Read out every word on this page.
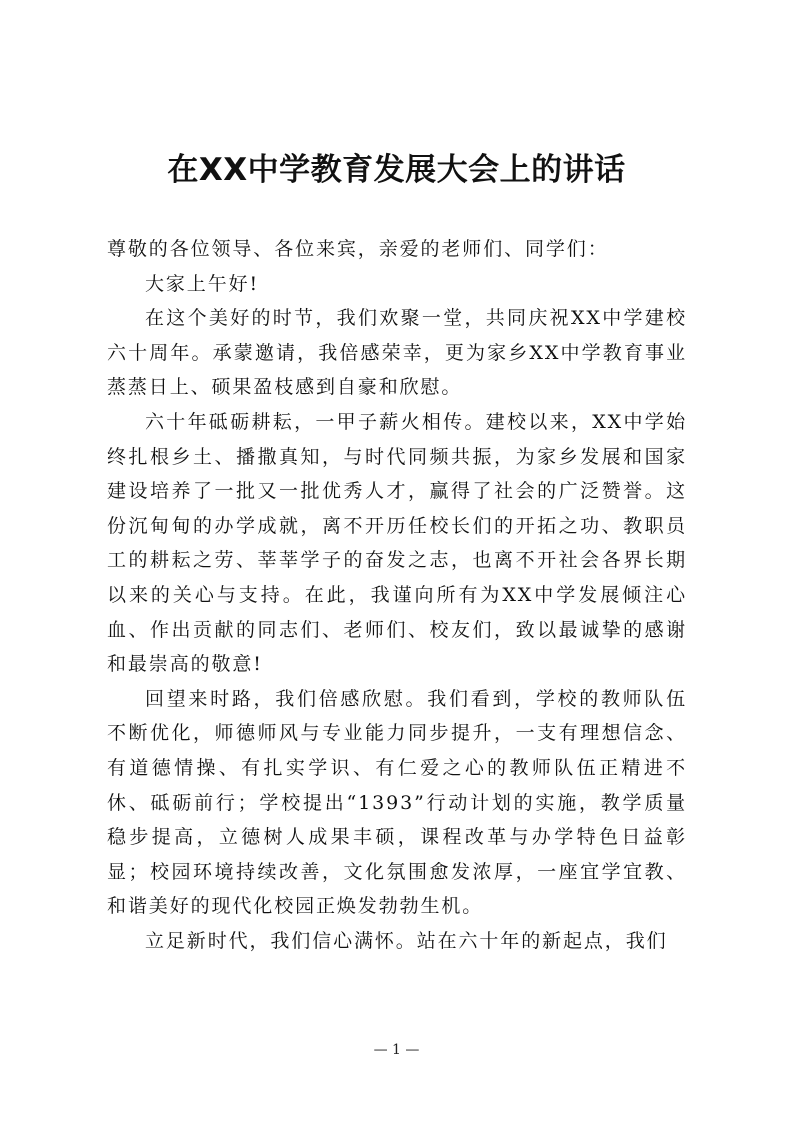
在XX中学教育发展大会上的讲话

尊敬的各位领导、各位来宾，亲爱的老师们、同学们：

大家上午好!

在这个美好的时节，我们欢聚一堂，共同庆祝XX中学建校六十周年。承蒙邀请，我倍感荣幸，更为家乡XX中学教育事业蒸蒸日上、硕果盈枝感到自豪和欣慰。

六十年砥砺耕耘，一甲子薪火相传。建校以来，XX中学始终扎根乡土、播撒真知，与时代同频共振，为家乡发展和国家建设培养了一批又一批优秀人才，赢得了社会的广泛赞誉。这份沉甸甸的办学成就，离不开历任校长们的开拓之功、教职员工的耕耘之劳、莘莘学子的奋发之志，也离不开社会各界长期以来的关心与支持。在此，我谨向所有为XX中学发展倾注心血、作出贡献的同志们、老师们、校友们，致以最诚挚的感谢和最崇高的敬意!

回望来时路，我们倍感欣慰。我们看到，学校的教师队伍不断优化，师德师风与专业能力同步提升，一支有理想信念、有道德情操、有扎实学识、有仁爱之心的教师队伍正精进不休、砥砺前行；学校提出“1393”行动计划的实施，教学质量稳步提高，立德树人成果丰硕，课程改革与办学特色日益彰显；校园环境持续改善，文化氛围愈发浓厚，一座宜学宜教、和谐美好的现代化校园正焕发勃勃生机。

立足新时代，我们信心满怀。站在六十年的新起点，我们

— 1 —
